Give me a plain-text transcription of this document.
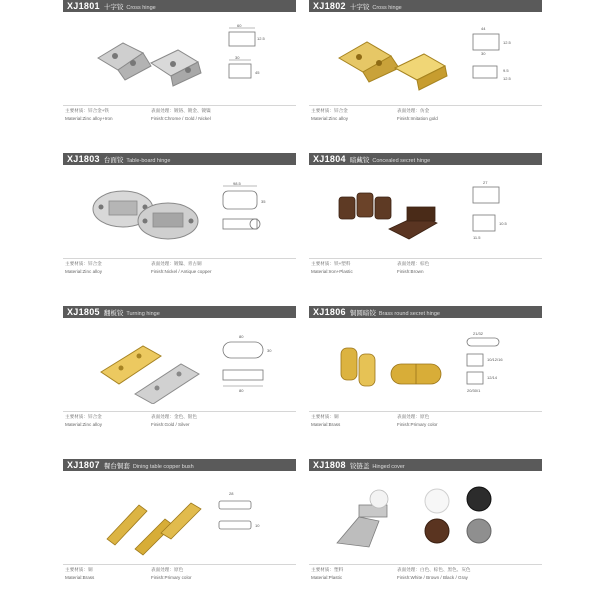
XJ1801 十字铰 Cross hinge
60
12.5
30
45
主要材质：锌合金+铁	表面处理：镀铬、镀金、镀镍
Material:Zinc alloy+Iron	Finish:Chrome / Gold / Nickel
XJ1802 十字铰 Cross hinge
44
30
12.5
9.5
12.5
主要材质：锌合金	表面处理：仿金
Material:Zinc alloy	Finish:Imitation gold
XJ1803 台面铰 Table-board hinge
98.5
35
主要材质：锌合金	表面处理：镀镍、青古铜
Material:Zinc alloy	Finish:Nickel / Antique copper
XJ1804 暗藏铰 Concealed secret hinge
27
10.5
11.5
主要材质：铁+塑料	表面处理：棕色
Material:Iron+Plastic	Finish:Brown
XJ1805 翻板铰 Turning hinge
80
30
80
主要材质：锌合金	表面处理：金色、银色
Material:Zinc alloy	Finish:Gold / Silver
XJ1806 铜圆暗铰 Brass round secret hinge
21/32
10/12/16
12/14
20/30/1
主要材质：铜	表面处理：原色
Material:Brass	Finish:Primary color
XJ1807 餐台铜套 Dining table copper bush
28
10
主要材质：铜	表面处理：原色
Material:Brass	Finish:Primary color
XJ1808 铰链盖 Hinged cover
主要材质：塑料	表面处理：白色、棕色、黑色、灰色
Material:Plastic	Finish:White / Brown / Black / Gray
